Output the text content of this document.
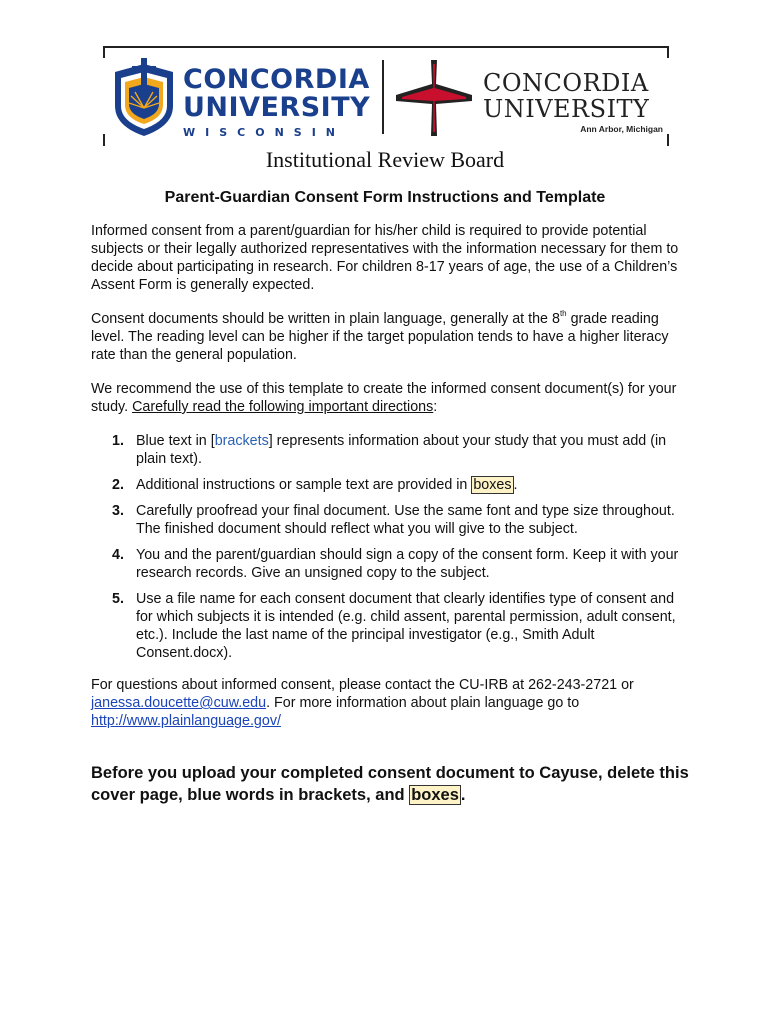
CONCORDIA
UNIVERSITY
WISCONSIN
CONCORDIA
UNIVERSITY
Ann Arbor, Michigan
Institutional Review Board
Parent-Guardian Consent Form Instructions and Template

Informed consent from a parent/guardian for his/her child is required to provide potential subjects or their legally authorized representatives with the information necessary for them to decide about participating in research. For children 8-17 years of age, the use of a Children’s Assent Form is generally expected.

Consent documents should be written in plain language, generally at the 8th grade reading level. The reading level can be higher if the target population tends to have a higher literacy rate than the general population.

We recommend the use of this template to create the informed consent document(s) for your study. Carefully read the following important directions:

1. Blue text in [brackets] represents information about your study that you must add (in plain text).
2. Additional instructions or sample text are provided in boxes .
3. Carefully proofread your final document. Use the same font and type size throughout. The finished document should reflect what you will give to the subject.
4. You and the parent/guardian should sign a copy of the consent form. Keep it with your research records. Give an unsigned copy to the subject.
5. Use a file name for each consent document that clearly identifies type of consent and for which subjects it is intended (e.g. child assent, parental permission, adult consent, etc.). Include the last name of the principal investigator (e.g., Smith Adult Consent.docx).

For questions about informed consent, please contact the CU-IRB at 262-243-2721 or janessa.doucette@cuw.edu. For more information about plain language go to http://www.plainlanguage.gov/

Before you upload your completed consent document to Cayuse, delete this cover page, blue words in brackets, and boxes .
